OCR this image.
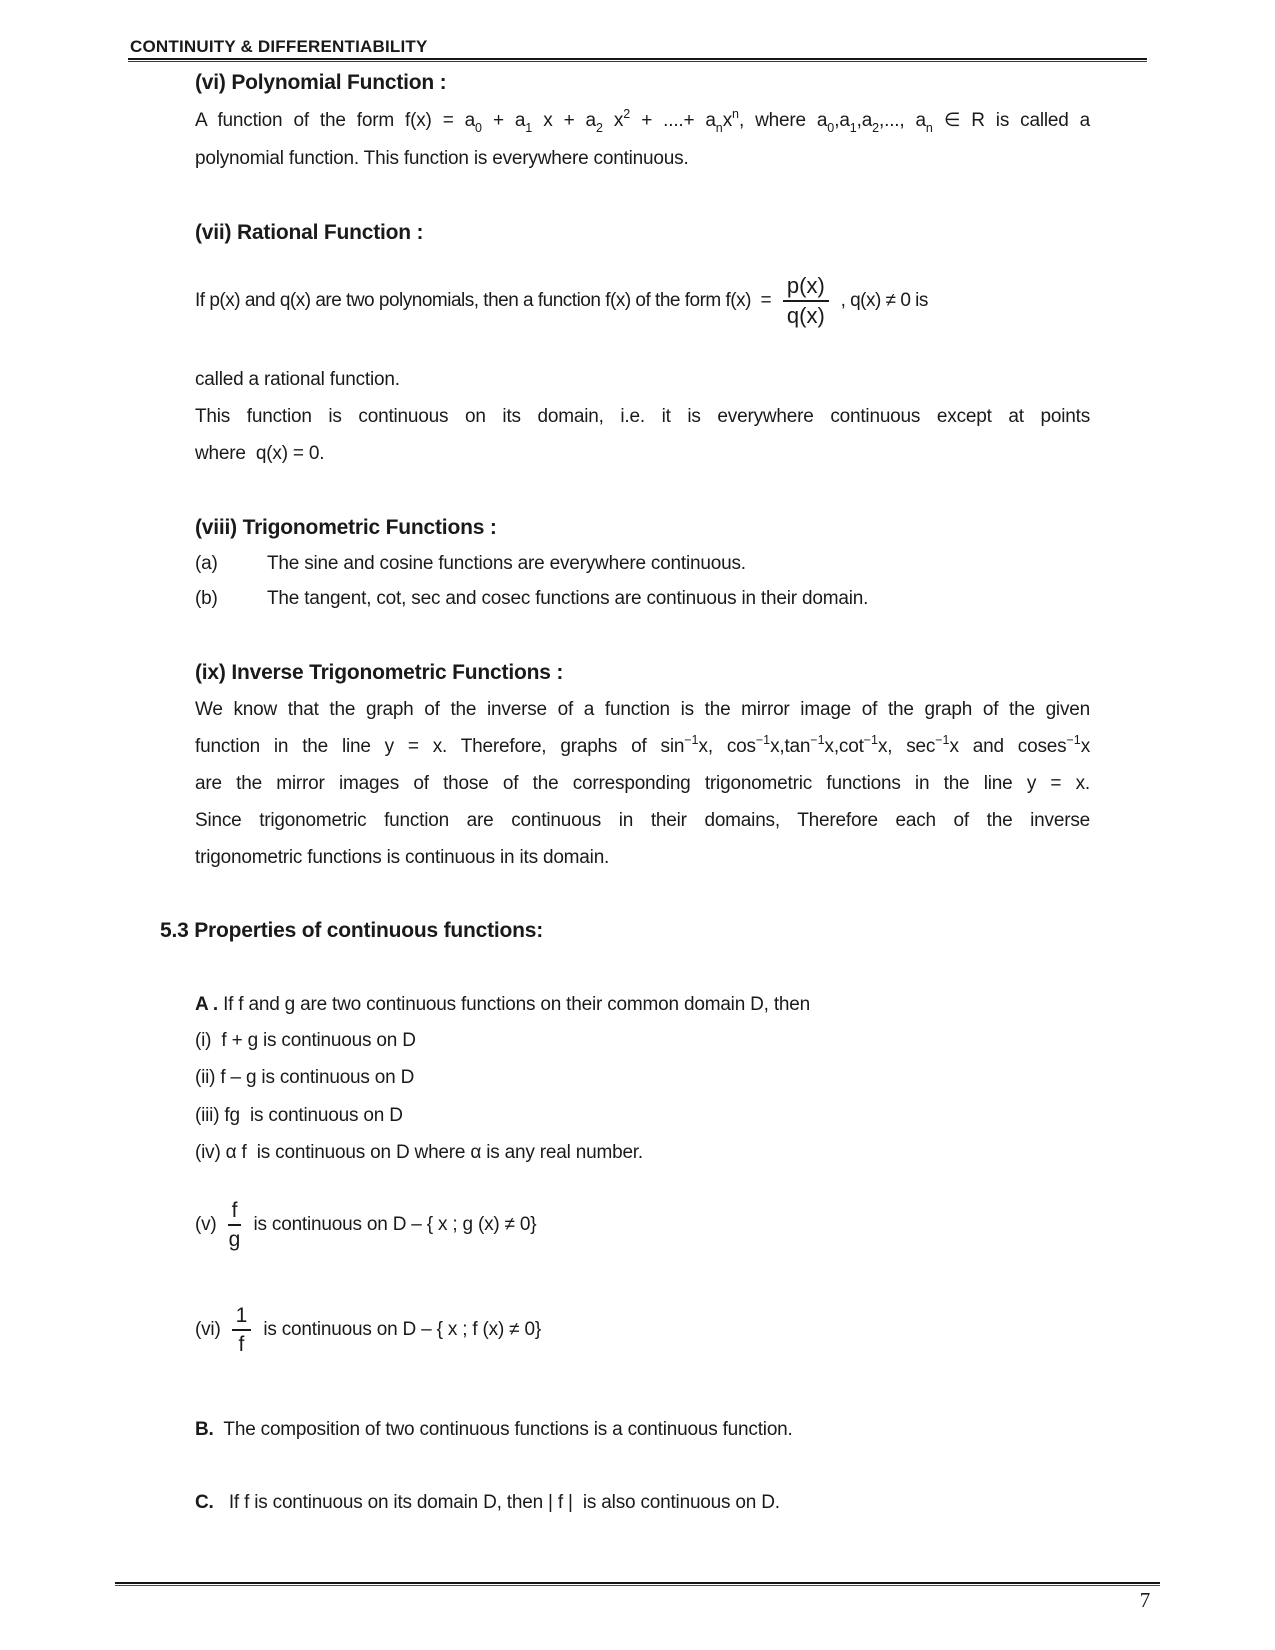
CONTINUITY & DIFFERENTIABILITY
(vi) Polynomial Function :
A function of the form $f(x) = a_0 + a_1$ $x + a_2$ $x^2$ + ....+ $a_nx^n$, where $a_0,a_1,a_2$,..., $a_n$ ∈ R is called a
polynomial function. This function is everywhere continuous.
(vii) Rational Function :
If p(x) and q(x) are two polynomials, then a function f(x) of the form $f(x) = \frac{p(x)}{q(x)}$ , q(x) ≠ 0 is
called a rational function.
This function is continuous on its domain, i.e. it is everywhere continuous except at points
where  q(x) = 0.
(viii) Trigonometric Functions :
(a)	The sine and cosine functions are everywhere continuous.
(b)	The tangent, cot, sec and cosec functions are continuous in their domain.
(ix) Inverse Trigonometric Functions :
We know that the graph of the inverse of a function is the mirror image of the graph of the given
function in the line y = x. Therefore, graphs of $\sin^{-1}x$, $\cos^{-1}x,\tan^{-1}x,\cot^{-1}x$, $\sec^{-1}x$ and coses$^{-1}$x
are the mirror images of those of the corresponding trigonometric functions in the line y = x.
Since trigonometric function are continuous in their domains, Therefore each of the inverse
trigonometric functions is continuous in its domain.
5.3 Properties of continuous functions:
A . If f and g are two continuous functions on their common domain D, then
(i)  f + g is continuous on D
(ii) f – g is continuous on D
(iii) fg  is continuous on D
(iv) α f  is continuous on D where α is any real number.
$(v) \frac{f}{g}$ is continuous on D – { x ; g (x) ≠ 0}
$(vi) \frac{1}{f}$ is continuous on D – { x ; f (x) ≠ 0}
B.  The composition of two continuous functions is a continuous function.
C.   If f is continuous on its domain D, then | f |  is also continuous on D.
7
